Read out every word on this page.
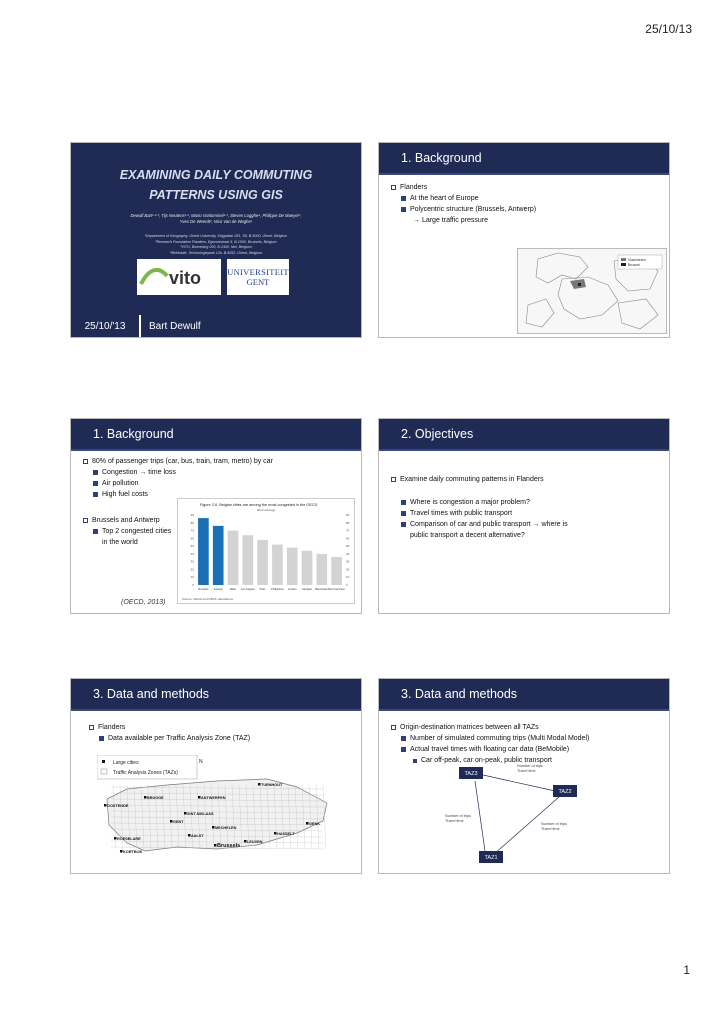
25/10/13
EXAMINING DAILY COMMUTING
PATTERNS USING GIS
Dewulf Bart¹·²·³, Tijs Neutens¹·², Mario Vanlommel¹·³, Steven Logghe⁴, Philippe De Maeyer¹,
Yves De Weerdt², Nico Van de Weghe¹
¹Department of Geography, Ghent University, Krijgslaan 281, S8, B-9000, Ghent, Belgium
²Research Foundation Flanders, Egmontstraat 5, B-1000, Brussels, Belgium
³VITO, Boeretang 200, B-2400, Mol, Belgium
⁴BeMobile, Technologiepark 12b, B-9052, Ghent, Belgium
vito	UNIVERSITEIT
GENT
25/10/'13	Bart Dewulf
1. Background
Flanders
At the heart of Europe
Polycentric structure (Brussels, Antwerp)
→ Large traffic pressure
Vlaanderen
Brussel
1. Background
80% of passenger trips (car, bus, train, tram, metro) by car
Congestion → time loss
Air pollution
High fuel costs
Brussels and Antwerp
Top 2 congested cities
in the world
(OECD, 2013)
Figure 2.6. Belgian cities are among the most congested in the OECD
2012 average
Source: OECD and INRIX calculations
0	0
10	10
20	20
30	30
40	40
50	50
60	60
70	70
80	80
90	90
Brussels Antwerp	Milan Los Angeles Paris Philippines London Stuttgart Manchester San Francisco
2. Objectives
Examine daily commuting patterns in Flanders
Where is congestion a major problem?
Travel times with public transport
Comparison of car and public transport → where is
public transport a decent alternative?
3. Data and methods
Flanders
Data available per Traffic Analysis Zone (TAZ)
Large cities
Traffic Analysis Zones (TAZs)
N
TURNHOUT
BRUGGE	ANTWERPEN
OOSTENDE
SINT-NIKLAAS
GENT
MECHELEN
ROESELARE
AALST	HASSELT
LEUVEN
Brussels
KORTRIJK
GENK
3. Data and methods
Origin-destination matrices between all TAZs
Number of simulated commuting trips (Multi Modal Model)
Actual travel times with floating car data (BeMobile)
Car off-peak, car on-peak, public transport
TAZ3
TAZ2
TAZ1
Number of trips
Travel time
Number of trips
Travel time
Number of trips
Travel time
1
